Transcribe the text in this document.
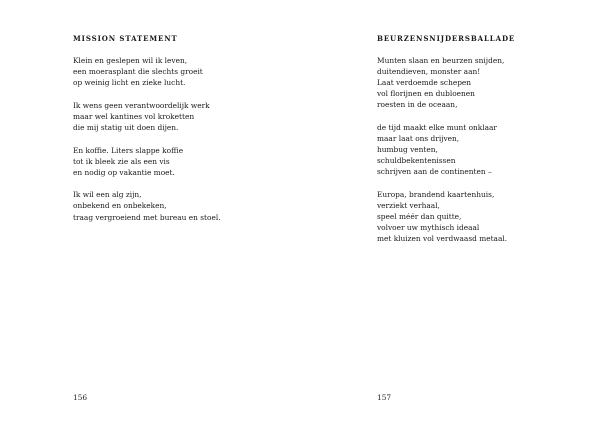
MISSION STATEMENT

Klein en geslepen wil ik leven,
een moerasplant die slechts groeit
op weinig licht en zieke lucht.

Ik wens geen verantwoordelijk werk
maar wel kantines vol kroketten
die mij statig uit doen dijen.

En koffie. Liters slappe koffie
tot ik bleek zie als een vis
en nodig op vakantie moet.

Ik wil een alg zijn,
onbekend en onbekeken,
traag vergroeiend met bureau en stoel.

156
BEURZENSNIJDERSBALLADE

Munten slaan en beurzen snijden,
duitendieven, monster aan!
Laat verdoemde schepen
vol florijnen en dubloenen
roesten in de oceaan,

de tijd maakt elke munt onklaar
maar laat ons drijven,
humbug venten,
schuldbekentenissen
schrijven aan de continenten –

Europa, brandend kaartenhuis,
verziekt verhaal,
speel méér dan quitte,
volvoer uw mythisch ideaal
met kluizen vol verdwaasd metaal.

157
